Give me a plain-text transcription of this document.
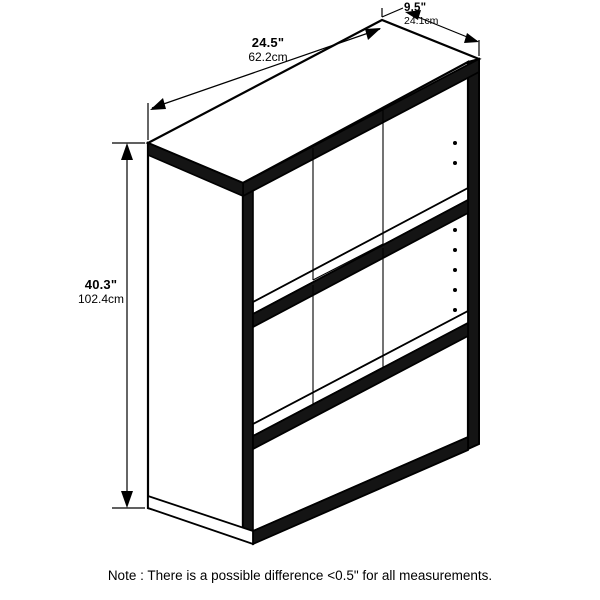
24.5"
62.2cm
9.5"
24.1cm
40.3"
102.4cm
Note : There is a possible difference <0.5" for all measurements.
